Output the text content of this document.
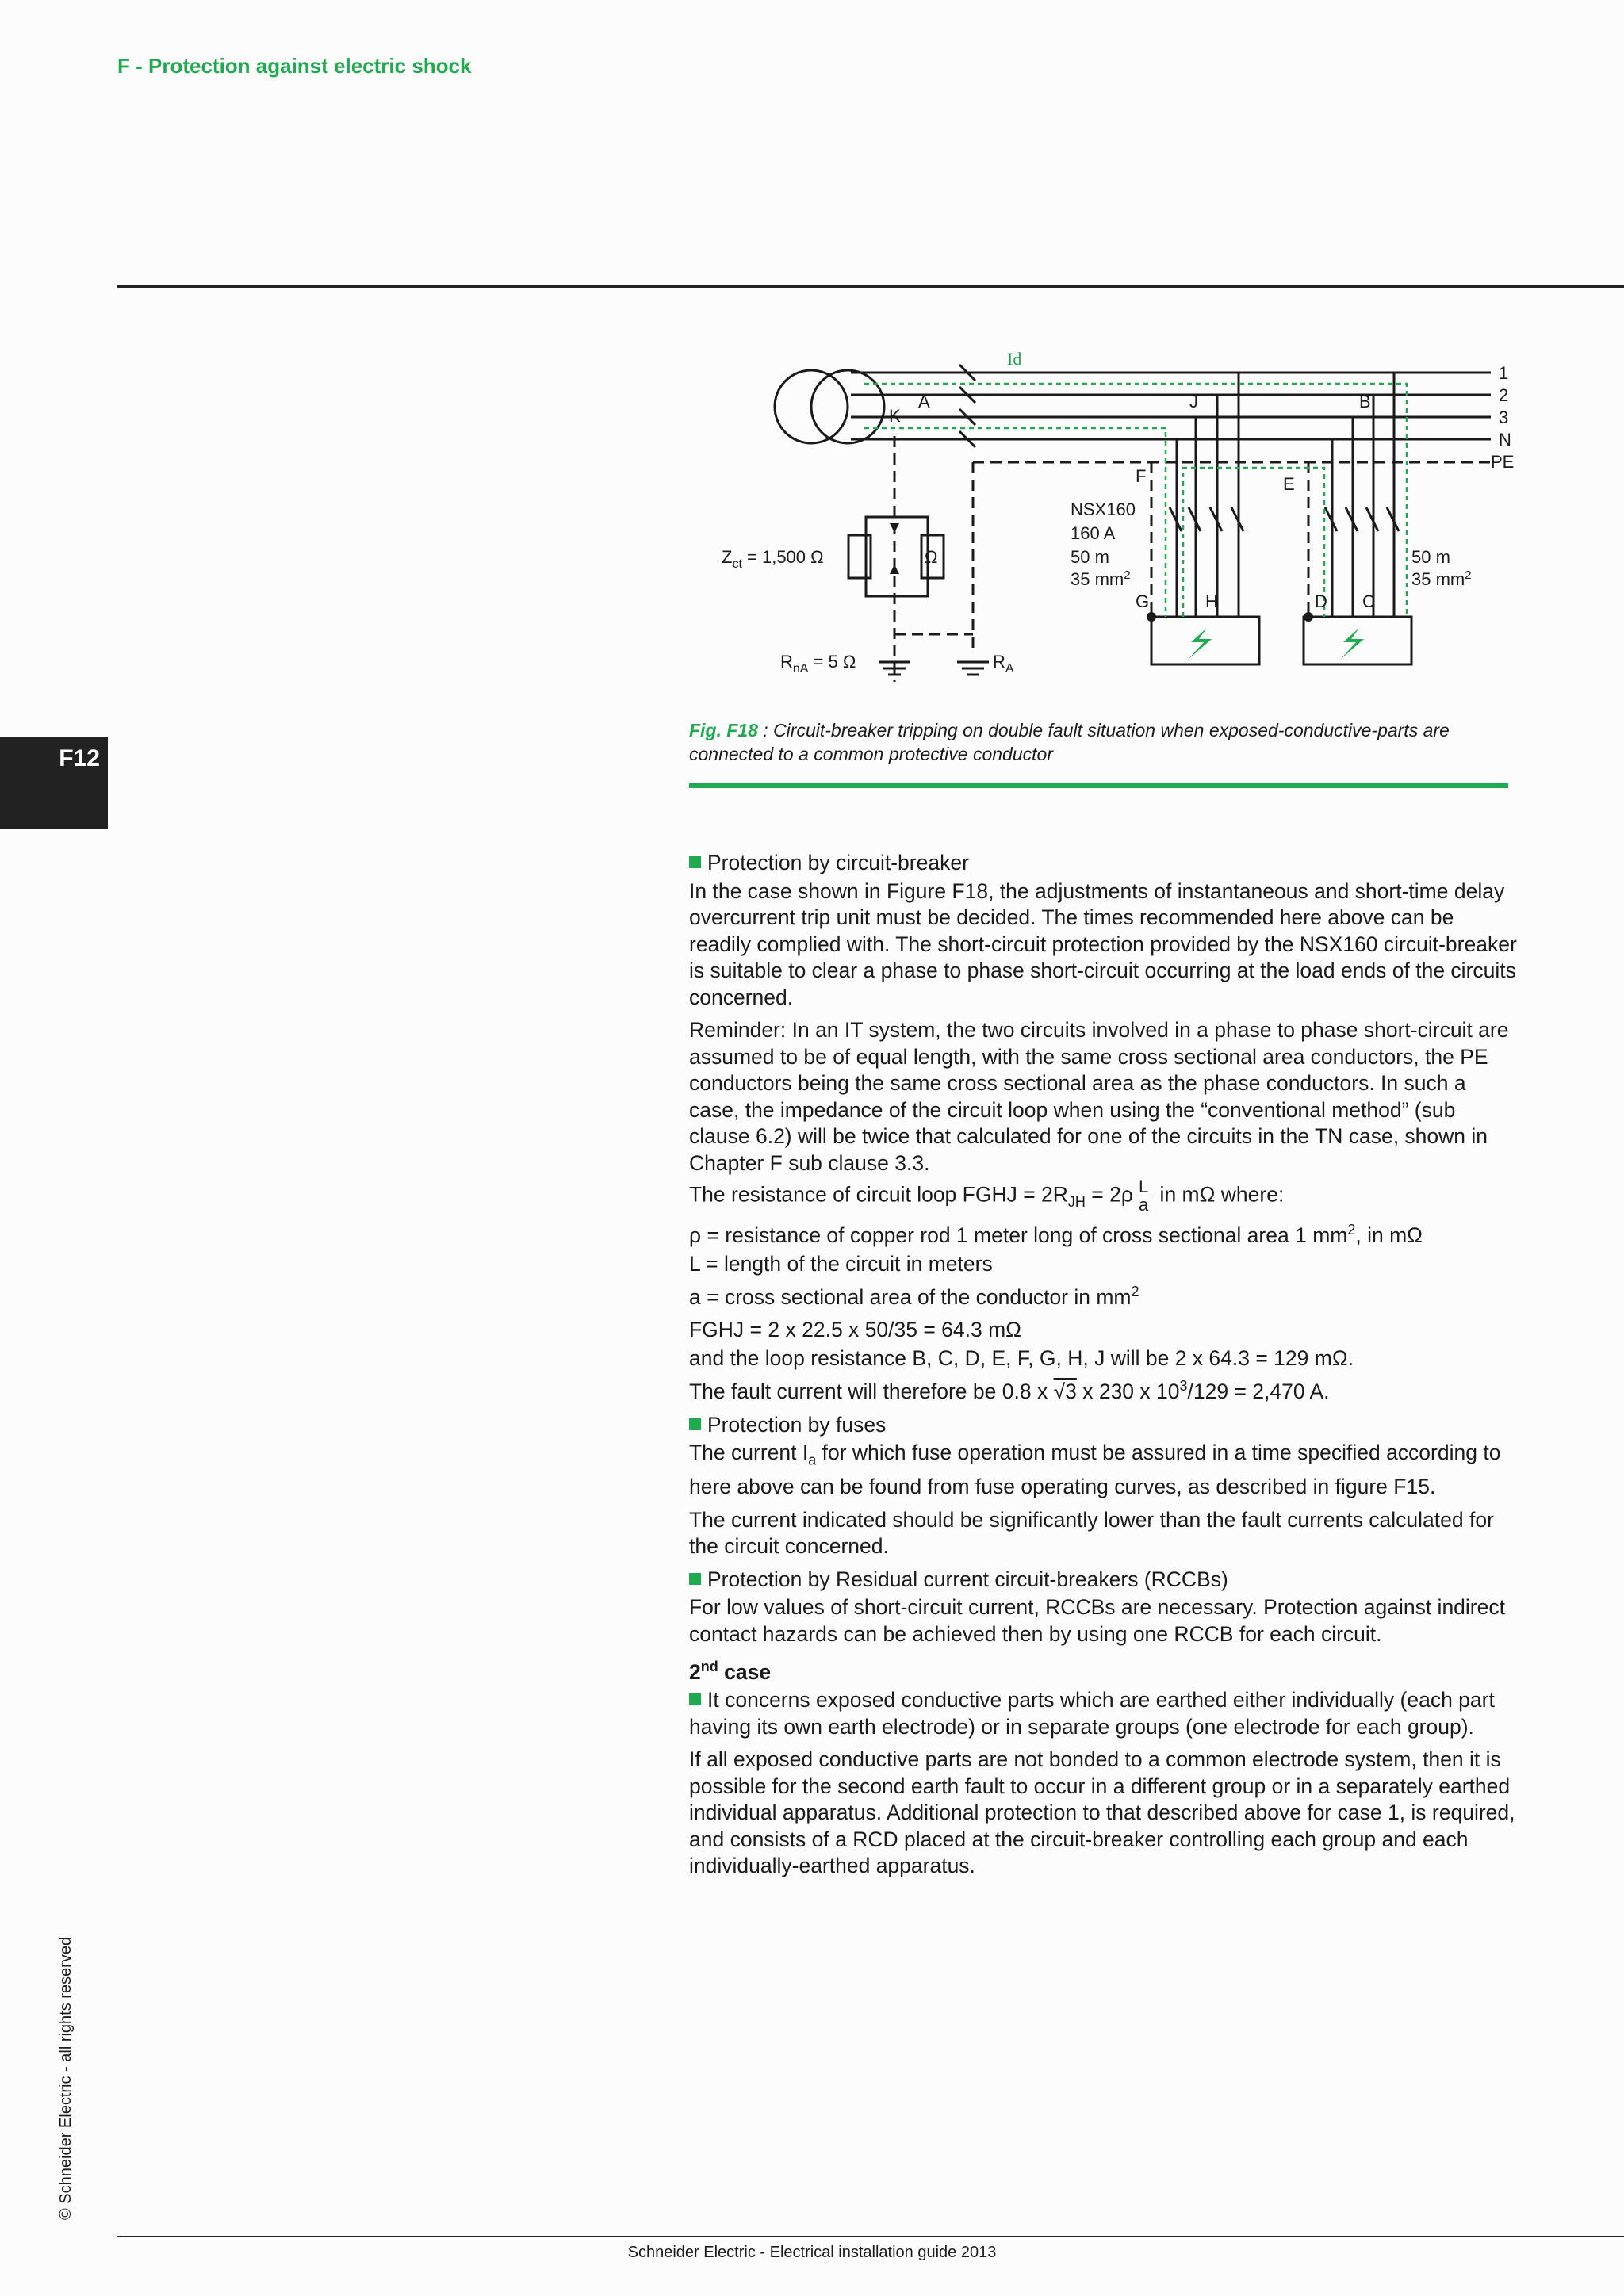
F - Protection against electric shock
F12
© Schneider Electric - all rights reserved
Id
1
2
3
N
PE
A
K
J	B
F	E
G	H	D C
NSX160
160 A
50 m
35 $mm^2$
50 m
35 $mm^2$
$Z_{ct} = 1,500$ Ω	Ω
$R_{nA} = 5$ Ω	$R_A$
Fig. F18 : Circuit-breaker tripping on double fault situation when exposed-conductive-parts are connected to a common protective conductor

Protection by circuit-breaker

In the case shown in Figure F18, the adjustments of instantaneous and short-time delay overcurrent trip unit must be decided. The times recommended here above can be readily complied with. The short-circuit protection provided by the NSX160 circuit-breaker is suitable to clear a phase to phase short-circuit occurring at the load ends of the circuits concerned.

Reminder: In an IT system, the two circuits involved in a phase to phase short-circuit are assumed to be of equal length, with the same cross sectional area conductors, the PE conductors being the same cross sectional area as the phase conductors. In such a case, the impedance of the circuit loop when using the “conventional method” (sub clause 6.2) will be twice that calculated for one of the circuits in the TN case, shown in Chapter F sub clause 3.3.

The resistance of circuit loop FGHJ = $2R_{JH} = 2\rho \frac{L}{a}$ in mΩ where:

ρ = resistance of copper rod 1 meter long of cross sectional area 1 $mm^2$, in mΩ

L = length of the circuit in meters

a = cross sectional area of the conductor in $mm^2$

FGHJ = 2 x 22.5 x 50/35 = 64.3 mΩ

and the loop resistance B, C, D, E, F, G, H, J will be 2 x 64.3 = 129 mΩ.

The fault current will therefore be 0.8 x √3 x 230 x $10^3/129 = 2,470$ A.

Protection by fuses

The current $I_a$ for which fuse operation must be assured in a time specified according to here above can be found from fuse operating curves, as described in figure F15.

The current indicated should be significantly lower than the fault currents calculated for the circuit concerned.

Protection by Residual current circuit-breakers (RCCBs)

For low values of short-circuit current, RCCBs are necessary. Protection against indirect contact hazards can be achieved then by using one RCCB for each circuit.

2nd case

It concerns exposed conductive parts which are earthed either individually (each part having its own earth electrode) or in separate groups (one electrode for each group).

If all exposed conductive parts are not bonded to a common electrode system, then it is possible for the second earth fault to occur in a different group or in a separately earthed individual apparatus. Additional protection to that described above for case 1, is required, and consists of a RCD placed at the circuit-breaker controlling each group and each individually-earthed apparatus.

Schneider Electric - Electrical installation guide 2013
